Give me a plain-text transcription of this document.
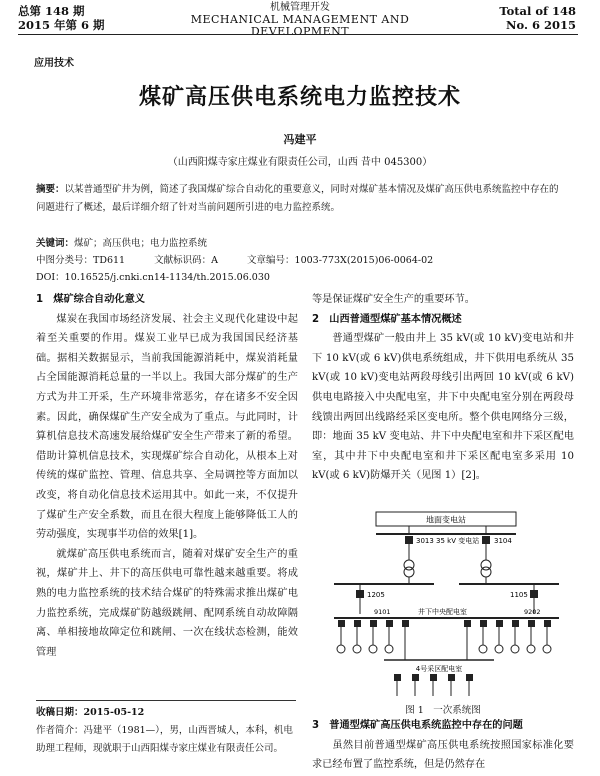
总第 148 期
2015 年第 6 期
机械管理开发
MECHANICAL MANAGEMENT AND DEVELOPMENT
Total of 148
No. 6 2015
应用技术
煤矿高压供电系统电力监控技术
冯建平
（山西阳煤寺家庄煤业有限责任公司，山西 昔中 045300）
摘要：以某普通型矿井为例，简述了我国煤矿综合自动化的重要意义，同时对煤矿基本情况及煤矿高压供电系统监控中存在的问题进行了概述，最后详细介绍了针对当前问题所引进的电力监控系统。
关键词：煤矿；高压供电；电力监控系统
中图分类号：TD611	文献标识码：A	文章编号：1003-773X(2015)06-0064-02
DOI：10.16525/j.cnki.cn14-1134/th.2015.06.030
1　煤矿综合自动化意义

煤炭在我国市场经济发展、社会主义现代化建设中起着至关重要的作用。煤炭工业早已成为我国国民经济基础。据相关数据显示，当前我国能源消耗中，煤炭消耗量占全国能源消耗总量的一半以上。我国大部分煤矿的生产方式为井工开采，生产环境非常恶劣，存在诸多不安全因素。因此，确保煤矿生产安全成为了重点。与此同时，计算机信息技术高速发展给煤矿安全生产带来了新的希望。借助计算机信息技术，实现煤矿综合自动化，从根本上对传统的煤矿监控、管理、信息共享、全局调控等方面加以改变，将自动化信息技术运用其中。如此一来，不仅提升了煤矿生产安全系数，而且在很大程度上能够降低工人的劳动强度，实现事半功倍的效果[1]。

就煤矿高压供电系统而言，随着对煤矿安全生产的重视，煤矿井上、井下的高压供电可靠性越来越重要。将成熟的电力监控系统的技术结合煤矿的特殊需求推出煤矿电力监控系统，完成煤矿防越级跳闸、配网系统自动故障隔离、单相接地故障定位和跳闸、一次在线状态检测，能效管理

等是保证煤矿安全生产的重要环节。

2　山西普通型煤矿基本情况概述

普通型煤矿一般由井上 35 kV(或 10 kV)变电站和井下 10 kV(或 6 kV)供电系统组成，井下供用电系统从 35 kV(或 10 kV)变电站两段母线引出两回 10 kV(或 6 kV)供电电路接入中央配电室，井下中央配电室分别在两段母线馈出两回出线路经采区变电所。整个供电网络分三级，即：地面 35 kV 变电站、井下中央配电室和井下采区配电室，其中井下中央配电室和井下采区配电室多采用 10 kV(或 6 kV)防爆开关（见图 1）[2]。

地面变电站
3013 35 kV 变电站 3104
1205	1105
9101	井下中央配电室	9202
4号采区配电室
图 1　一次系统图
3　普通型煤矿高压供电系统监控中存在的问题

虽然目前普通型煤矿高压供电系统按照国家标准化要求已经布置了监控系统，但是仍然存在

收稿日期：2015-05-12
作者简介：冯建平（1981—），男，山西晋城人，本科，机电助理工程师，现就职于山西阳煤寺家庄煤业有限责任公司。
